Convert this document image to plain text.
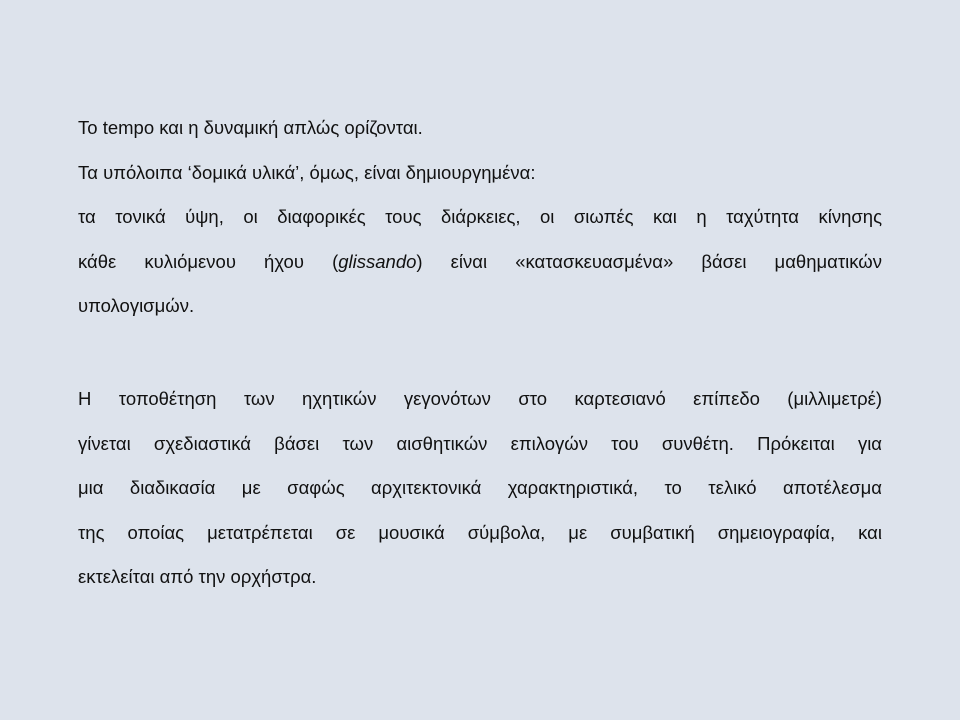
Το tempo και η δυναμική απλώς ορίζονται.
Τα υπόλοιπα ‘δομικά υλικά’, όμως, είναι δημιουργημένα:
τα τονικά ύψη, οι διαφορικές τους διάρκειες, οι σιωπές και η ταχύτητα κίνησης
κάθε κυλιόμενου ήχου (glissando) είναι «κατασκευασμένα» βάσει μαθηματικών
υπολογισμών.
Η τοποθέτηση των ηχητικών γεγονότων στο καρτεσιανό επίπεδο (μιλλιμετρέ)
γίνεται σχεδιαστικά βάσει των αισθητικών επιλογών του συνθέτη. Πρόκειται για
μια διαδικασία με σαφώς αρχιτεκτονικά χαρακτηριστικά, το τελικό αποτέλεσμα
της οποίας μετατρέπεται σε μουσικά σύμβολα, με συμβατική σημειογραφία, και
εκτελείται από την ορχήστρα.
